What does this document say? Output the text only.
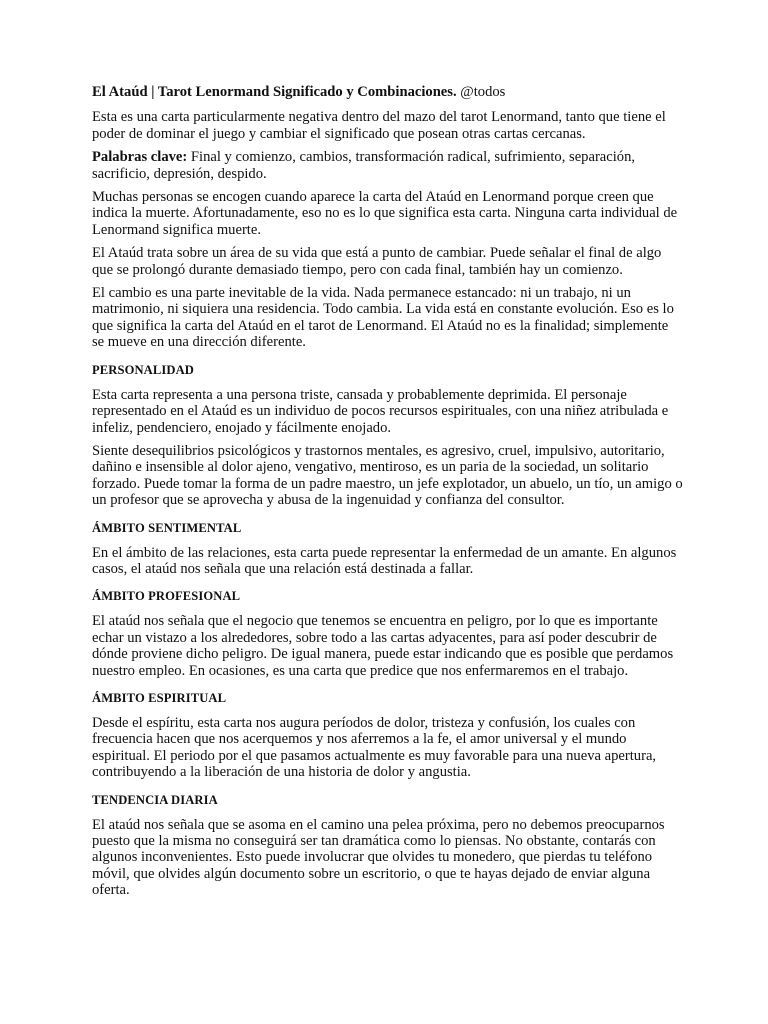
El Ataúd | Tarot Lenormand Significado y Combinaciones. @todos

Esta es una carta particularmente negativa dentro del mazo del tarot Lenormand, tanto que tiene el poder de dominar el juego y cambiar el significado que posean otras cartas cercanas.

Palabras clave: Final y comienzo, cambios, transformación radical, sufrimiento, separación, sacrificio, depresión, despido.

Muchas personas se encogen cuando aparece la carta del Ataúd en Lenormand porque creen que indica la muerte. Afortunadamente, eso no es lo que significa esta carta. Ninguna carta individual de Lenormand significa muerte.

El Ataúd trata sobre un área de su vida que está a punto de cambiar. Puede señalar el final de algo que se prolongó durante demasiado tiempo, pero con cada final, también hay un comienzo.

El cambio es una parte inevitable de la vida. Nada permanece estancado: ni un trabajo, ni un matrimonio, ni siquiera una residencia. Todo cambia. La vida está en constante evolución. Eso es lo que significa la carta del Ataúd en el tarot de Lenormand. El Ataúd no es la finalidad; simplemente se mueve en una dirección diferente.

PERSONALIDAD

Esta carta representa a una persona triste, cansada y probablemente deprimida. El personaje representado en el Ataúd es un individuo de pocos recursos espirituales, con una niñez atribulada e infeliz, pendenciero, enojado y fácilmente enojado.

Siente desequilibrios psicológicos y trastornos mentales, es agresivo, cruel, impulsivo, autoritario, dañino e insensible al dolor ajeno, vengativo, mentiroso, es un paria de la sociedad, un solitario forzado. Puede tomar la forma de un padre maestro, un jefe explotador, un abuelo, un tío, un amigo o un profesor que se aprovecha y abusa de la ingenuidad y confianza del consultor.

ÁMBITO SENTIMENTAL

En el ámbito de las relaciones, esta carta puede representar la enfermedad de un amante. En algunos casos, el ataúd nos señala que una relación está destinada a fallar.

ÁMBITO PROFESIONAL

El ataúd nos señala que el negocio que tenemos se encuentra en peligro, por lo que es importante echar un vistazo a los alrededores, sobre todo a las cartas adyacentes, para así poder descubrir de dónde proviene dicho peligro. De igual manera, puede estar indicando que es posible que perdamos nuestro empleo. En ocasiones, es una carta que predice que nos enfermaremos en el trabajo.

ÁMBITO ESPIRITUAL

Desde el espíritu, esta carta nos augura períodos de dolor, tristeza y confusión, los cuales con frecuencia hacen que nos acerquemos y nos aferremos a la fe, el amor universal y el mundo espiritual. El periodo por el que pasamos actualmente es muy favorable para una nueva apertura, contribuyendo a la liberación de una historia de dolor y angustia.

TENDENCIA DIARIA

El ataúd nos señala que se asoma en el camino una pelea próxima, pero no debemos preocuparnos puesto que la misma no conseguirá ser tan dramática como lo piensas. No obstante, contarás con algunos inconvenientes. Esto puede involucrar que olvides tu monedero, que pierdas tu teléfono móvil, que olvides algún documento sobre un escritorio, o que te hayas dejado de enviar alguna oferta.
